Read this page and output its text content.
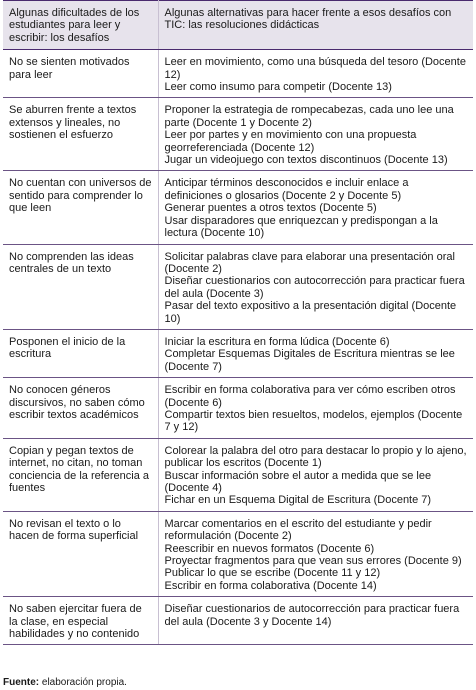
Algunas dificultades de los estudiantes para leer y escribir: los desafíos	Algunas alternativas para hacer frente a esos desafíos con TIC: las resoluciones didácticas
No se sienten motivados para leer	Leer en movimiento, como una búsqueda del tesoro (Docente 12)
Leer como insumo para competir (Docente 13)

Se aburren frente a textos extensos y lineales, no sostienen el esfuerzo	Proponer la estrategia de rompecabezas, cada uno lee una parte (Docente 1 y Docente 2)
Leer por partes y en movimiento con una propuesta georreferenciada (Docente 12)
Jugar un videojuego con textos discontinuos (Docente 13)

No cuentan con universos de sentido para comprender lo que leen	Anticipar términos desconocidos e incluir enlace a definiciones o glosarios (Docente 2 y Docente 5)
Generar puentes a otros textos (Docente 5)
Usar disparadores que enriquezcan y predispongan a la lectura (Docente 10)

No comprenden las ideas centrales de un texto	Solicitar palabras clave para elaborar una presentación oral (Docente 2)
Diseñar cuestionarios con autocorrección para practicar fuera del aula (Docente 3)
Pasar del texto expositivo a la presentación digital (Docente 10)

Posponen el inicio de la escritura	Iniciar la escritura en forma lúdica (Docente 6)
Completar Esquemas Digitales de Escritura mientras se lee (Docente 7)

No conocen géneros discursivos, no saben cómo escribir textos académicos	Escribir en forma colaborativa para ver cómo escriben otros (Docente 6)
Compartir textos bien resueltos, modelos, ejemplos (Docente 7 y 12)

Copian y pegan textos de internet, no citan, no toman conciencia de la referencia a fuentes	Colorear la palabra del otro para destacar lo propio y lo ajeno, publicar los escritos (Docente 1)
Buscar información sobre el autor a medida que se lee (Docente 4)
Fichar en un Esquema Digital de Escritura (Docente 7)

No revisan el texto o lo hacen de forma superficial	Marcar comentarios en el escrito del estudiante y pedir reformulación (Docente 2)
Reescribir en nuevos formatos (Docente 6)
Proyectar fragmentos para que vean sus errores (Docente 9)
Publicar lo que se escribe (Docente 11 y 12)
Escribir en forma colaborativa (Docente 14)

No saben ejercitar fuera de la clase, en especial habilidades y no contenido	Diseñar cuestionarios de autocorrección para practicar fuera del aula (Docente 3 y Docente 14)
Fuente: elaboración propia.
